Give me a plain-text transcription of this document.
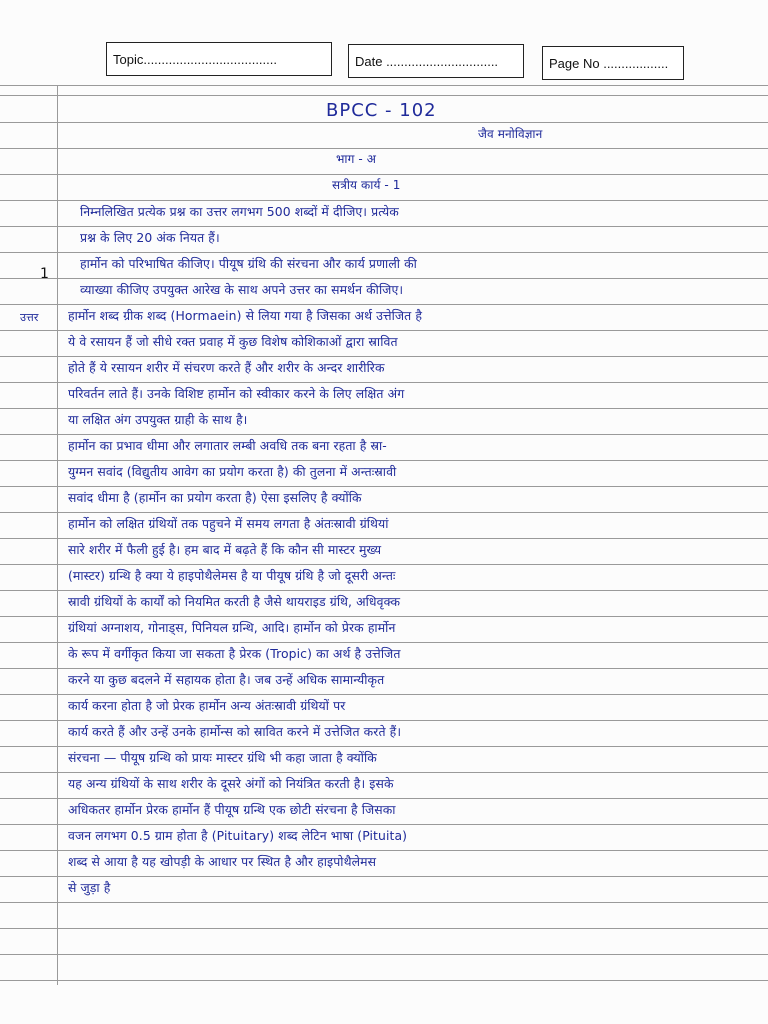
Topic.....................................	Date ...............................	Page No ..................
BPCC - 102
जैव मनोविज्ञान
भाग - अ
सत्रीय कार्य - 1
निम्नलिखित प्रत्येक प्रश्न का उत्तर लगभग 500 शब्दों में दीजिए। प्रत्येक
प्रश्न के लिए 20 अंक नियत हैं।
1
हार्मोन को परिभाषित कीजिए। पीयूष ग्रंथि की संरचना और कार्य प्रणाली की
व्याख्या कीजिए उपयुक्त आरेख के साथ अपने उत्तर का समर्थन कीजिए।
उत्तर हार्मोन शब्द ग्रीक शब्द (Hormaein) से लिया गया है जिसका अर्थ उत्तेजित है
ये वे रसायन हैं जो सीधे रक्त प्रवाह में कुछ विशेष कोशिकाओं द्वारा स्रावित
होते हैं ये रसायन शरीर में संचरण करते हैं और शरीर के अन्दर शारीरिक
परिवर्तन लाते हैं। उनके विशिष्ट हार्मोन को स्वीकार करने के लिए लक्षित अंग
या लक्षित अंग उपयुक्त ग्राही के साथ है।
हार्मोन का प्रभाव धीमा और लगातार लम्बी अवधि तक बना रहता है स्रा-
युग्मन सवांद (विद्युतीय आवेग का प्रयोग करता है) की तुलना में अन्तःस्रावी
सवांद धीमा है (हार्मोन का प्रयोग करता है) ऐसा इसलिए है क्योंकि
हार्मोन को लक्षित ग्रंथियों तक पहुचने में समय लगता है अंतःस्रावी ग्रंथियां
सारे शरीर में फैली हुई है। हम बाद में बढ़ते हैं कि कौन सी मास्टर मुख्य
(मास्टर) ग्रन्थि है क्या ये हाइपोथैलेमस है या पीयूष ग्रंथि है जो दूसरी अन्तः
स्रावी ग्रंथियों के कार्यों को नियमित करती है जैसे थायराइड ग्रंथि, अधिवृक्क
ग्रंथियां अग्नाशय, गोनाड्स, पिनियल ग्रन्थि, आदि। हार्मोन को प्रेरक हार्मोन
के रूप में वर्गीकृत किया जा सकता है प्रेरक (Tropic) का अर्थ है उत्तेजित
करने या कुछ बदलने में सहायक होता है। जब उन्हें अधिक सामान्यीकृत
कार्य करना होता है जो प्रेरक हार्मोन अन्य अंतःस्रावी ग्रंथियों पर
कार्य करते हैं और उन्हें उनके हार्मोन्स को स्रावित करने में उत्तेजित करते हैं।
संरचना — पीयूष ग्रन्थि को प्रायः मास्टर ग्रंथि भी कहा जाता है क्योंकि
यह अन्य ग्रंथियों के साथ शरीर के दूसरे अंगों को नियंत्रित करती है। इसके
अधिकतर हार्मोन प्रेरक हार्मोन हैं पीयूष ग्रन्थि एक छोटी संरचना है जिसका
वजन लगभग 0.5 ग्राम होता है (Pituitary) शब्द लेटिन भाषा (Pituita)
शब्द से आया है यह खोपड़ी के आधार पर स्थित है और हाइपोथैलेमस
से जुड़ा है
